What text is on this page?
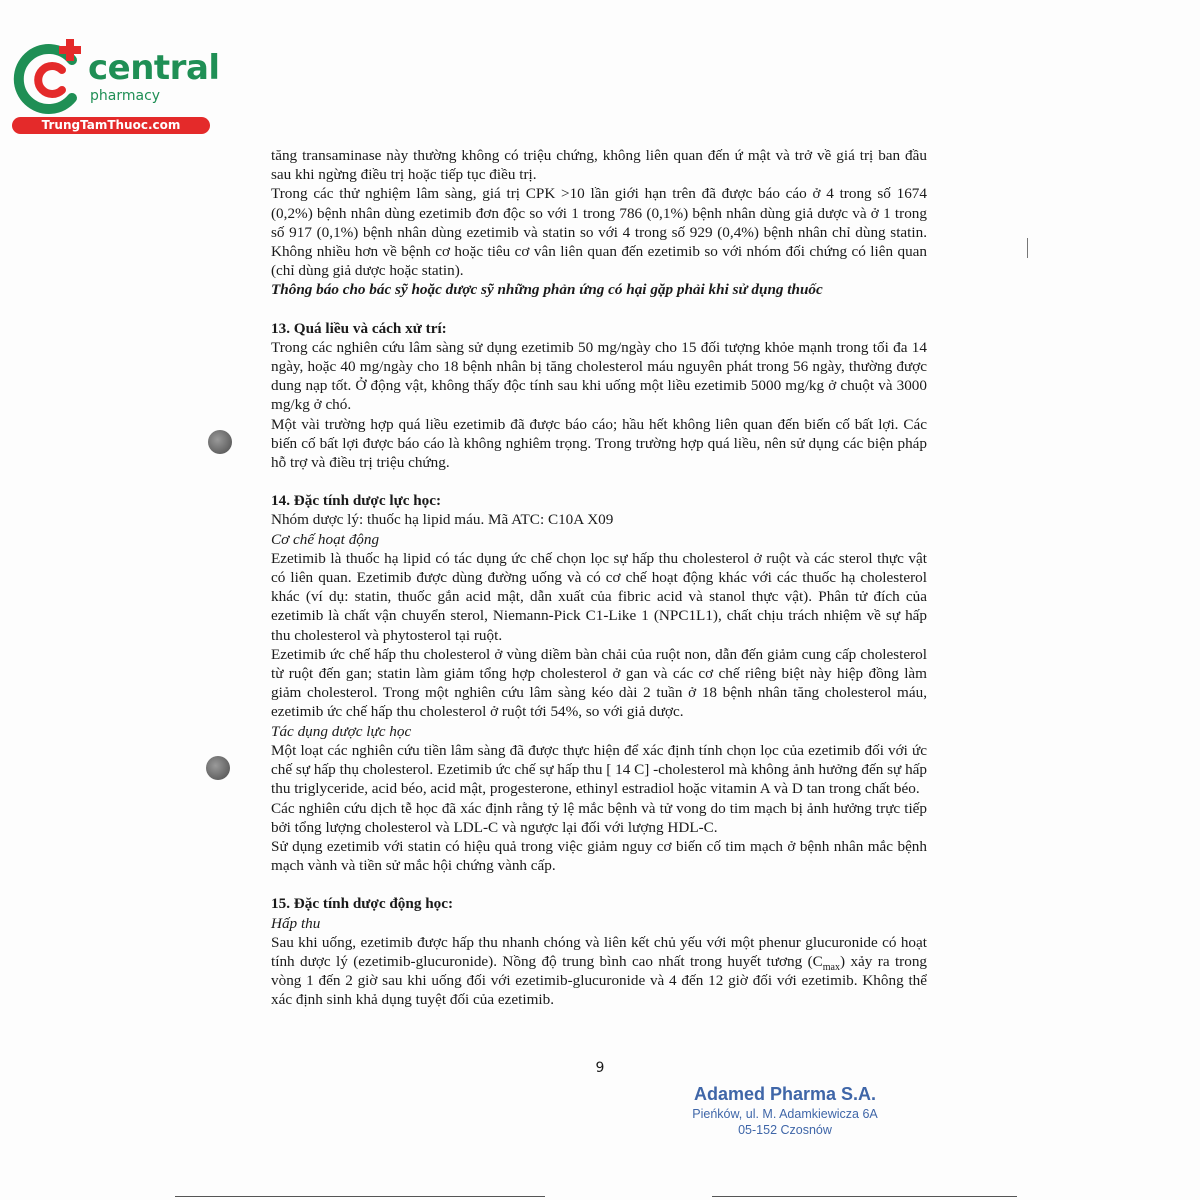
central
pharmacy
TrungTamThuoc.com

tăng transaminase này thường không có triệu chứng, không liên quan đến ứ mật và trở về giá trị ban đầu sau khi ngừng điều trị hoặc tiếp tục điều trị.

Trong các thử nghiệm lâm sàng, giá trị CPK >10 lần giới hạn trên đã được báo cáo ở 4 trong số 1674 (0,2%) bệnh nhân dùng ezetimib đơn độc so với 1 trong 786 (0,1%) bệnh nhân dùng giả dược và ở 1 trong số 917 (0,1%) bệnh nhân dùng ezetimib và statin so với 4 trong số 929 (0,4%) bệnh nhân chỉ dùng statin. Không nhiều hơn về bệnh cơ hoặc tiêu cơ vân liên quan đến ezetimib so với nhóm đối chứng có liên quan (chỉ dùng giả dược hoặc statin).

Thông báo cho bác sỹ hoặc dược sỹ những phản ứng có hại gặp phải khi sử dụng thuốc

13. Quá liều và cách xử trí:

Trong các nghiên cứu lâm sàng sử dụng ezetimib 50 mg/ngày cho 15 đối tượng khỏe mạnh trong tối đa 14 ngày, hoặc 40 mg/ngày cho 18 bệnh nhân bị tăng cholesterol máu nguyên phát trong 56 ngày, thường được dung nạp tốt. Ở động vật, không thấy độc tính sau khi uống một liều ezetimib 5000 mg/kg ở chuột và 3000 mg/kg ở chó.

Một vài trường hợp quá liều ezetimib đã được báo cáo; hầu hết không liên quan đến biến cố bất lợi. Các biến cố bất lợi được báo cáo là không nghiêm trọng. Trong trường hợp quá liều, nên sử dụng các biện pháp hỗ trợ và điều trị triệu chứng.

14. Đặc tính dược lực học:

Nhóm dược lý: thuốc hạ lipid máu. Mã ATC: C10A X09

Cơ chế hoạt động

Ezetimib là thuốc hạ lipid có tác dụng ức chế chọn lọc sự hấp thu cholesterol ở ruột và các sterol thực vật có liên quan. Ezetimib được dùng đường uống và có cơ chế hoạt động khác với các thuốc hạ cholesterol khác (ví dụ: statin, thuốc gắn acid mật, dẫn xuất của fibric acid và stanol thực vật). Phân tử đích của ezetimib là chất vận chuyển sterol, Niemann-Pick C1-Like 1 (NPC1L1), chất chịu trách nhiệm về sự hấp thu cholesterol và phytosterol tại ruột.

Ezetimib ức chế hấp thu cholesterol ở vùng diềm bàn chải của ruột non, dẫn đến giảm cung cấp cholesterol từ ruột đến gan; statin làm giảm tổng hợp cholesterol ở gan và các cơ chế riêng biệt này hiệp đồng làm giảm cholesterol. Trong một nghiên cứu lâm sàng kéo dài 2 tuần ở 18 bệnh nhân tăng cholesterol máu, ezetimib ức chế hấp thu cholesterol ở ruột tới 54%, so với giả dược.

Tác dụng dược lực học

Một loạt các nghiên cứu tiền lâm sàng đã được thực hiện để xác định tính chọn lọc của ezetimib đối với ức chế sự hấp thụ cholesterol. Ezetimib ức chế sự hấp thu [ 14 C] -cholesterol mà không ảnh hưởng đến sự hấp thu triglyceride, acid béo, acid mật, progesterone, ethinyl estradiol hoặc vitamin A và D tan trong chất béo.

Các nghiên cứu dịch tễ học đã xác định rằng tỷ lệ mắc bệnh và tử vong do tim mạch bị ảnh hưởng trực tiếp bởi tổng lượng cholesterol và LDL-C và ngược lại đối với lượng HDL-C.

Sử dụng ezetimib với statin có hiệu quả trong việc giảm nguy cơ biến cố tim mạch ở bệnh nhân mắc bệnh mạch vành và tiền sử mắc hội chứng vành cấp.

15. Đặc tính dược động học:

Hấp thu

Sau khi uống, ezetimib được hấp thu nhanh chóng và liên kết chủ yếu với một phenur glucuronide có hoạt tính dược lý (ezetimib-glucuronide). Nồng độ trung bình cao nhất trong huyết tương $(C_{max})$ xảy ra trong vòng 1 đến 2 giờ sau khi uống đối với ezetimib-glucuronide và 4 đến 12 giờ đối với ezetimib. Không thể xác định sinh khả dụng tuyệt đối của ezetimib.

9
Adamed Pharma S.A.
Pieńków, ul. M. Adamkiewicza 6A
05-152 Czosnów
